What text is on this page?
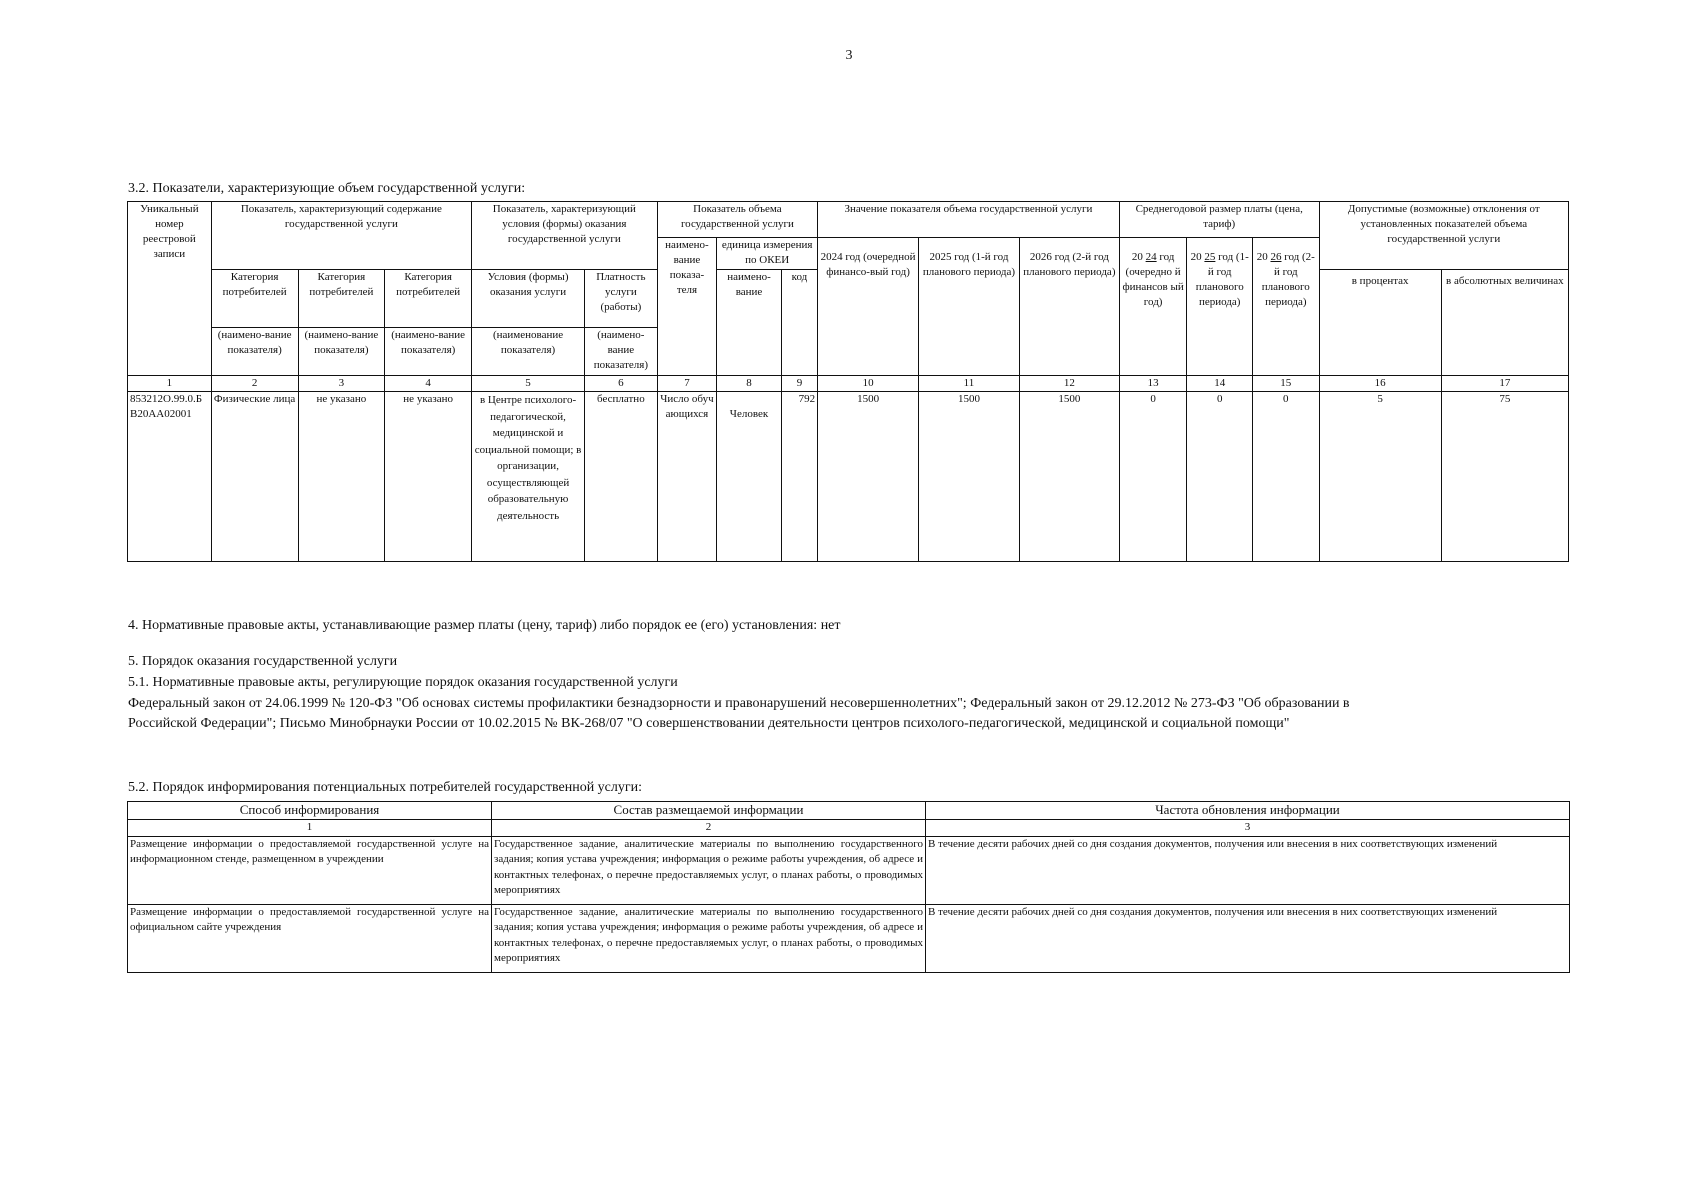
3
3.2. Показатели, характеризующие объем государственной услуги:
Уникальный номер реестровой записи	Показатель, характеризующий содержание государственной услуги			Показатель, характеризующий условия (формы) оказания государственной услуги		Показатель объема государственной услуги			Значение показателя объема государственной услуги			Среднегодовой размер платы (цена, тариф)			Допустимые (возможные) отклонения от установленных показателей объема государственной услуги	
						наимено-вание показа-теля	единица измерения по ОКЕИ		2024 год (очередной финансо-вый год)	2025 год (1-й год планового периода)	2026 год (2-й год планового периода)	20 24 год (очередно й финансов ый год)	20 25 год (1-й год планового периода)	20 26 год (2-й год планового периода)		
	Категория потребителей	Категория потребителей	Категория потребителей	Условия (формы) оказания услуги	Платность услуги (работы)		наимено-вание	код							в процентах	в абсолютных величинах
	(наимено-вание показателя)	(наимено-вание показателя)	(наимено-вание показателя)	(наименование показателя)	(наимено-вание показателя)											
1	2	3	4	5	6	7	8	9	10	11	12	13	14	15	16	17
853212О.99.0.БВ20АА02001	Физические лица	не указано	не указано	в Центре психолого-педагогической, медицинской и социальной помощи; в организации, осуществляющей образовательную деятельность	бесплатно	Число обучающихся	Человек	792	1500	1500	1500	0	0	0	5	75
4. Нормативные правовые акты, устанавливающие размер платы (цену, тариф) либо порядок ее (его) установления: нет
5. Порядок оказания государственной услуги
5.1. Нормативные правовые акты, регулирующие порядок оказания государственной услуги
Федеральный закон от 24.06.1999 № 120-ФЗ "Об основах системы профилактики безнадзорности и правонарушений несовершеннолетних"; Федеральный закон от 29.12.2012 № 273-ФЗ "Об образовании в
Российской Федерации"; Письмо Минобрнауки России от 10.02.2015 № ВК-268/07 "О совершенствовании деятельности центров психолого-педагогической, медицинской и социальной помощи"
5.2. Порядок информирования потенциальных потребителей государственной услуги:
Способ информирования	Состав размещаемой информации	Частота обновления информации
1	2	3
Размещение информации о предоставляемой государственной услуге на информационном стенде, размещенном в учреждении	Государственное задание, аналитические материалы по выполнению государственного задания; копия устава учреждения; информация о режиме работы учреждения, об адресе и контактных телефонах, о перечне предоставляемых услуг, о планах работы, о проводимых мероприятиях	В течение десяти рабочих дней со дня создания документов, получения или внесения в них соответствующих изменений
Размещение информации о предоставляемой государственной услуге на официальном сайте учреждения	Государственное задание, аналитические материалы по выполнению государственного задания; копия устава учреждения; информация о режиме работы учреждения, об адресе и контактных телефонах, о перечне предоставляемых услуг, о планах работы, о проводимых мероприятиях	В течение десяти рабочих дней со дня создания документов, получения или внесения в них соответствующих изменений
